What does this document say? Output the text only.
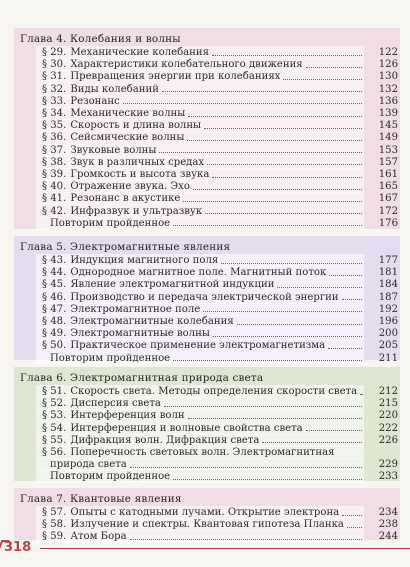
Глава 4. Колебания и волны
§ 29. Механические колебания	122
§ 30. Характеристики колебательного движения	126
§ 31. Превращения энергии при колебаниях	130
§ 32. Виды колебаний	132
§ 33. Резонанс	136
§ 34. Механические волны	139
§ 35. Скорость и длина волны	145
§ 36. Сейсмические волны	149
§ 37. Звуковые волны	153
§ 38. Звук в различных средах	157
§ 39. Громкость и высота звука	161
§ 40. Отражение звука. Эхо	165
§ 41. Резонанс в акустике	167
§ 42. Инфразвук и ультразвук	172
Повторим пройденное	176
Глава 5. Электромагнитные явления
§ 43. Индукция магнитного поля	177
§ 44. Однородное магнитное поле. Магнитный поток	181
§ 45. Явление электромагнитной индукции	184
§ 46. Производство и передача электрической энергии	187
§ 47. Электромагнитное поле	192
§ 48. Электромагнитные колебания	196
§ 49. Электромагнитные волны	200
§ 50. Практическое применение электромагнетизма	205
Повторим пройденное	211
Глава 6. Электромагнитная природа света
§ 51. Скорость света. Методы определения скорости света	212
§ 52. Дисперсия света	215
§ 53. Интерференция волн	220
§ 54. Интерференция и волновые свойства света	222
§ 55. Дифракция волн. Дифракция света	226
§ 56. Поперечность световых волн. Электромагнитная
природа света	229
Повторим пройденное	233
Глава 7. Квантовые явления
§ 57. Опыты с катодными лучами. Открытие электрона	234
§ 58. Излучение и спектры. Квантовая гипотеза Планка	238
§ 59. Атом Бора	244
318
